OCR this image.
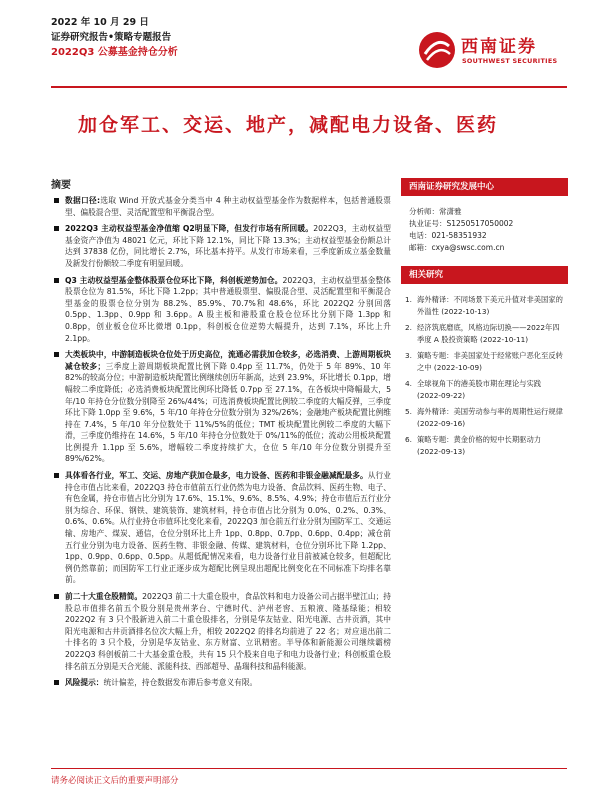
2022 年 10 月 29 日
证券研究报告•策略专题报告
2022Q3 公募基金持仓分析	西南证券
SOUTHWEST SECURITIES
加仓军工、交运、地产，减配电力设备、医药
摘要
数据口径:选取 Wind 开放式基金分类当中 4 种主动权益型基金作为数据样本，包括普通股票型、偏股混合型、灵活配置型和平衡混合型。
2022Q3 主动权益型基金净值缩 Q2明显下降，但发行市场有所回暖。2022Q3，主动权益型基金资产净值为 48021 亿元，环比下降 12.1%，同比下降 13.3%；主动权益型基金份额总计达到 37838 亿份，同比增长 2.7%，环比基本持平。从发行市场来看，三季度新成立基金数量及新发行份额较二季度有明显回暖。
Q3 主动权益型基金整体股票仓位环比下降，科创板逆势加仓。2022Q3，主动权益型基金整体股票仓位为 81.5%，环比下降 1.2pp；其中普通股票型、偏股混合型、灵活配置型和平衡混合型基金的股票仓位分别为 88.2%、85.9%、70.7%和 48.6%，环比 2022Q2 分别回落 0.5pp、1.3pp、0.9pp 和 3.6pp。A 股主板和港股重仓股仓位环比分别下降 1.3pp 和 0.8pp，创业板仓位环比微增 0.1pp，科创板仓位逆势大幅提升，达到 7.1%，环比上升 2.1pp。
大类板块中，中游制造板块仓位处于历史高位，流通必需获加仓较多，必选消费、上游周期板块减仓较多；三季度上游周期板块配置比例下降 0.4pp 至 11.7%，仍处于 5 年 89%、10 年 82%的较高分位；中游制造板块配置比例继续创历年新高，达到 23.9%，环比增长 0.1pp，增幅较二季度降低；必选消费板块配置比例环比降低 0.7pp 至 27.1%，在各板块中降幅最大，5 年/10 年持仓分位数分别降至 26%/44%；可选消费板块配置比例较二季度的大幅反弹，三季度环比下降 1.0pp 至 9.6%，5 年/10 年持仓分位数分别为 32%/26%；金融地产板块配置比例维持在 7.4%，5 年/10 年分位数处于 11%/5%的低位；TMT 板块配置比例较二季度的大幅下滑，三季度仍维持在 14.6%，5 年/10 年持仓分位数处于 0%/11%的低位；流动公用板块配置比例提升 1.1pp 至 5.6%，增幅较二季度持续扩大，仓位 5 年/10 年分位数分别提升至 89%/62%。
具体看各行业，军工、交运、房地产获加仓最多，电力设备、医药和非银金融减配最多。从行业持仓市值占比来看，2022Q3 持仓市值前五行业仍然为电力设备、食品饮料、医药生物、电子、有色金属，持仓市值占比分别为 17.6%、15.1%、9.6%、8.5%、4.9%；持仓市值后五行业分别为综合、环保、钢铁、建筑装饰、建筑材料，持仓市值占比分别为 0.0%、0.2%、0.3%、0.6%、0.6%。从行业持仓市值环比变化来看，2022Q3 加仓前五行业分别为国防军工、交通运输、房地产、煤炭、通信，仓位分别环比上升 1pp、0.8pp、0.7pp、0.6pp、0.4pp；减仓前五行业分别为电力设备、医药生物、非银金融、传媒、建筑材料，仓位分别环比下降 1.2pp、1pp、0.9pp、0.6pp、0.5pp。从超低配情况来看，电力设备行业目前被减仓较多，但超配比例仍然靠前；而国防军工行业正逐步成为超配比例呈现出超配比例变化在不同标准下均排名靠前。
前二十大重仓股精简。2022Q3 前二十大重仓股中，食品饮料和电力设备公司占据半壁江山；持股总市值排名前五个股分别是贵州茅台、宁德时代、泸州老窖、五粮液、隆基绿能；相较 2022Q2 有 3 只个股新进入前二十重仓股排名，分别是华友钴业、阳光电源、古井贡酒，其中阳光电源和古井贡酒排名位次大幅上升，相较 2022Q2 的排名均前进了 22 名；对应退出前二十排名的 3 只个股，分别是华友钴业、东方财富、立讯精密。半导体和新能源公司继续霸榜 2022Q3 科创板前二十大基金重仓股，共有 15 只个股来自电子和电力设备行业；科创板重仓股排名前五分别是天合光能、派能科技、西部超导、晶瑞科技和晶科能源。
风险提示：统计偏差，持仓数据发布滞后参考意义有限。
西南证券研究发展中心
分析师：常潇雅
执业证号：S1250517050002
电话：021-58351932
邮箱：cxya@swsc.com.cn
相关研究
1. 海外精译：不同场景下美元升值对非美国家的外溢性 (2022-10-13)
2. 经济筑底磨底，风格边际切换——2022年四季度 A 股投资策略 (2022-10-11)
3. 策略专题：非美国家处于经常账户恶化至反转之中 (2022-10-09)
4. 全球视角下的港美股市期在理论与实践 (2022-09-22)
5. 海外精译：美国劳动参与率的周期性运行规律 (2022-09-16)
6. 策略专题：黄金价格的短中长期驱动力 (2022-09-13)
请务必阅读正文后的重要声明部分
